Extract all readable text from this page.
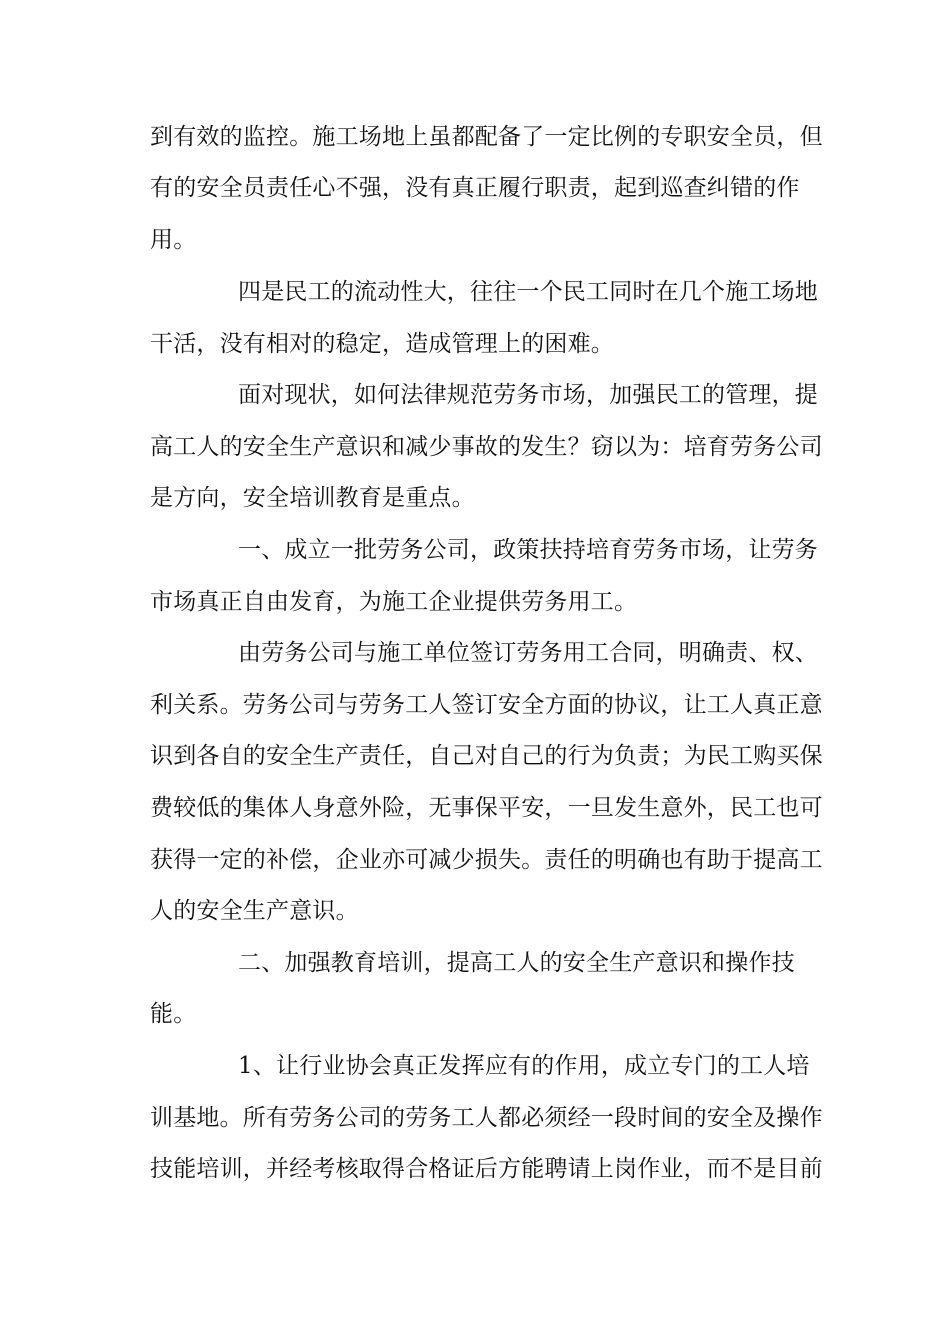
到有效的监控。施工场地上虽都配备了一定比例的专职安全员，但
有的安全员责任心不强，没有真正履行职责，起到巡查纠错的作
用。
四是民工的流动性大，往往一个民工同时在几个施工场地
干活，没有相对的稳定，造成管理上的困难。
面对现状，如何法律规范劳务市场，加强民工的管理，提
高工人的安全生产意识和减少事故的发生？窃以为：培育劳务公司
是方向，安全培训教育是重点。
一、成立一批劳务公司，政策扶持培育劳务市场，让劳务
市场真正自由发育，为施工企业提供劳务用工。
由劳务公司与施工单位签订劳务用工合同，明确责、权、
利关系。劳务公司与劳务工人签订安全方面的协议，让工人真正意
识到各自的安全生产责任，自己对自己的行为负责；为民工购买保
费较低的集体人身意外险，无事保平安，一旦发生意外，民工也可
获得一定的补偿，企业亦可减少损失。责任的明确也有助于提高工
人的安全生产意识。
二、加强教育培训，提高工人的安全生产意识和操作技
能。
1、让行业协会真正发挥应有的作用，成立专门的工人培
训基地。所有劳务公司的劳务工人都必须经一段时间的安全及操作
技能培训，并经考核取得合格证后方能聘请上岗作业，而不是目前
